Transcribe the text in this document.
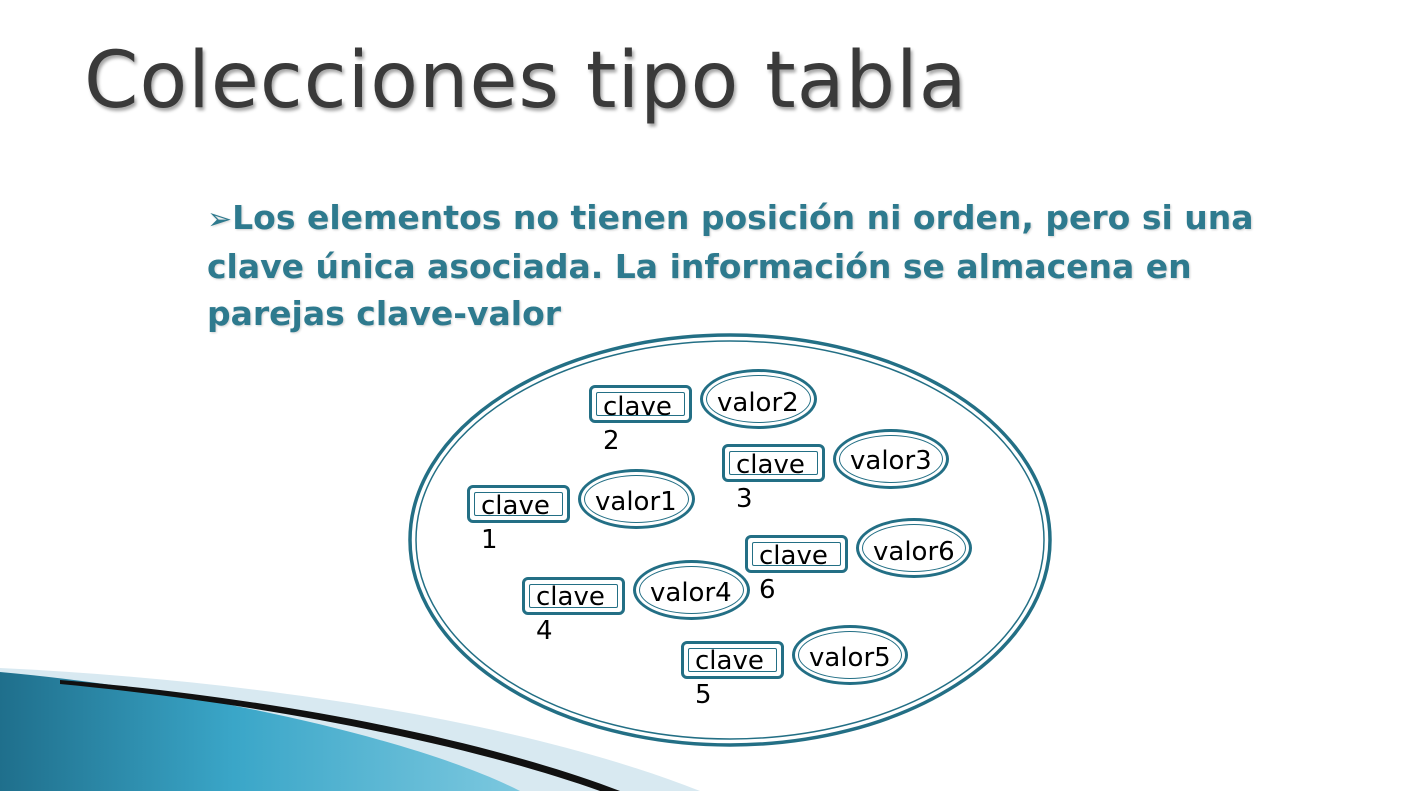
Colecciones tipo tabla

➢Los elementos no tienen posición ni orden, pero si una clave única asociada. La información se almacena en parejas clave-valor

clave 2
valor2
clave 3
valor3
clave 1
valor1
clave 6
valor6
clave 4
valor4
clave 5
valor5
